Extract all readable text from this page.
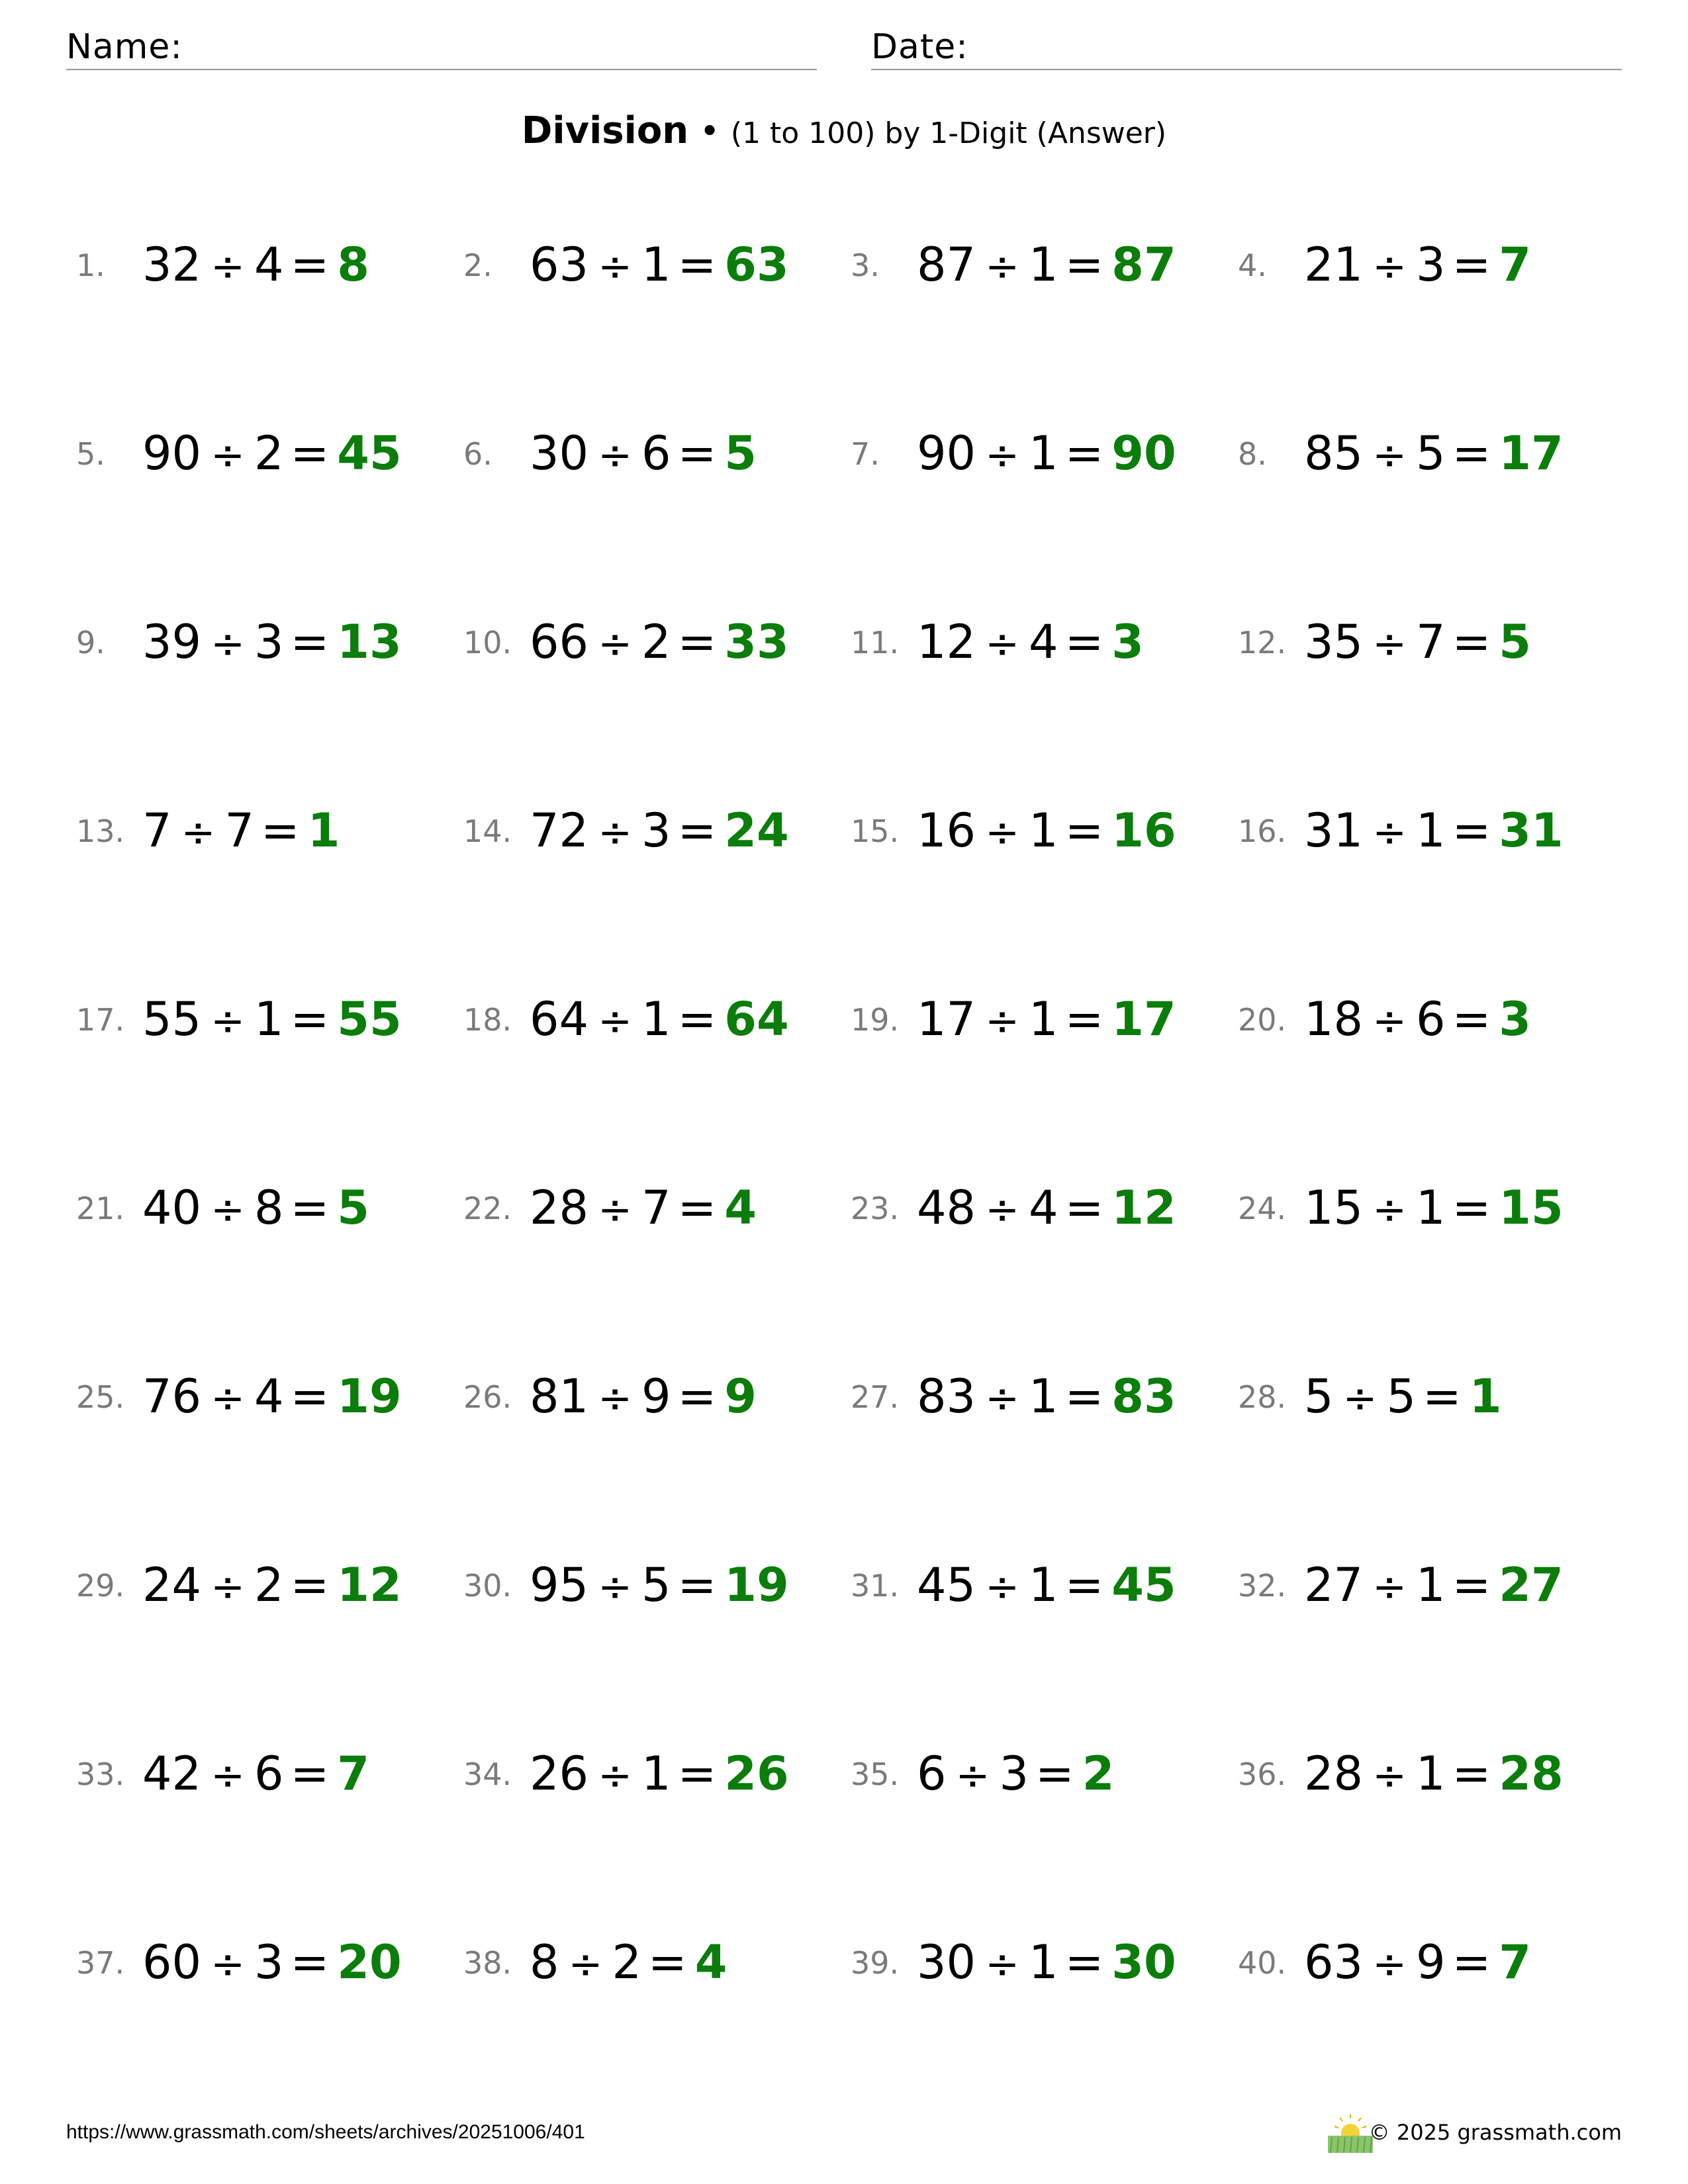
Name:	Date:
Division • (1 to 100) by 1-Digit (Answer)
1. 32 ÷ 4 = 8	2. 63 ÷ 1 = 63 3. 87 ÷ 1 = 87 4. 21 ÷ 3 = 7
5. 90 ÷ 2 = 45 6. 30 ÷ 6 = 5	7. 90 ÷ 1 = 90 8. 85 ÷ 5 = 17
9. 39 ÷ 3 = 13 10. 66 ÷ 2 = 33 11. 12 ÷ 4 = 3	12. 35 ÷ 7 = 5
13. 7 ÷ 7 = 1	14. 72 ÷ 3 = 24 15. 16 ÷ 1 = 16 16. 31 ÷ 1 = 31
17. 55 ÷ 1 = 55 18. 64 ÷ 1 = 64 19. 17 ÷ 1 = 17 20. 18 ÷ 6 = 3
21. 40 ÷ 8 = 5	22. 28 ÷ 7 = 4	23. 48 ÷ 4 = 12 24. 15 ÷ 1 = 15
25. 76 ÷ 4 = 19 26. 81 ÷ 9 = 9	27. 83 ÷ 1 = 83 28. 5 ÷ 5 = 1
29. 24 ÷ 2 = 12 30. 95 ÷ 5 = 19 31. 45 ÷ 1 = 45 32. 27 ÷ 1 = 27
33. 42 ÷ 6 = 7	34. 26 ÷ 1 = 26 35. 6 ÷ 3 = 2	36. 28 ÷ 1 = 28
37. 60 ÷ 3 = 20 38. 8 ÷ 2 = 4	39. 30 ÷ 1 = 30 40. 63 ÷ 9 = 7
https://www.grassmath.com/sheets/archives/20251006/401	© 2025 grassmath.com
